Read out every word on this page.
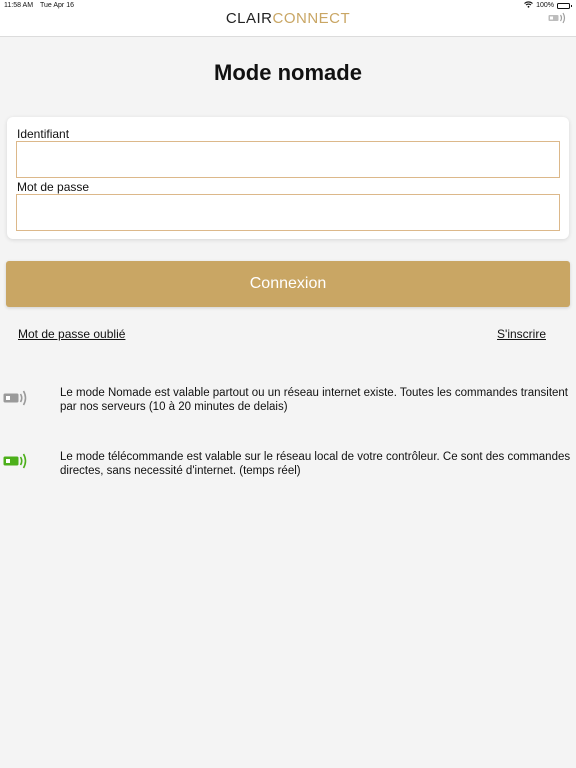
11:58 AM Tue Apr 16	100%
CLAIRCONNECT
Mode nomade
Identifiant
Mot de passe
Connexion
Mot de passe oublié	S'inscrire

Le mode Nomade est valable partout ou un réseau internet existe. Toutes les commandes transitent par nos serveurs (10 à 20 minutes de delais)

Le mode télécommande est valable sur le réseau local de votre contrôleur. Ce sont des commandes directes, sans necessité d'internet. (temps réel)
